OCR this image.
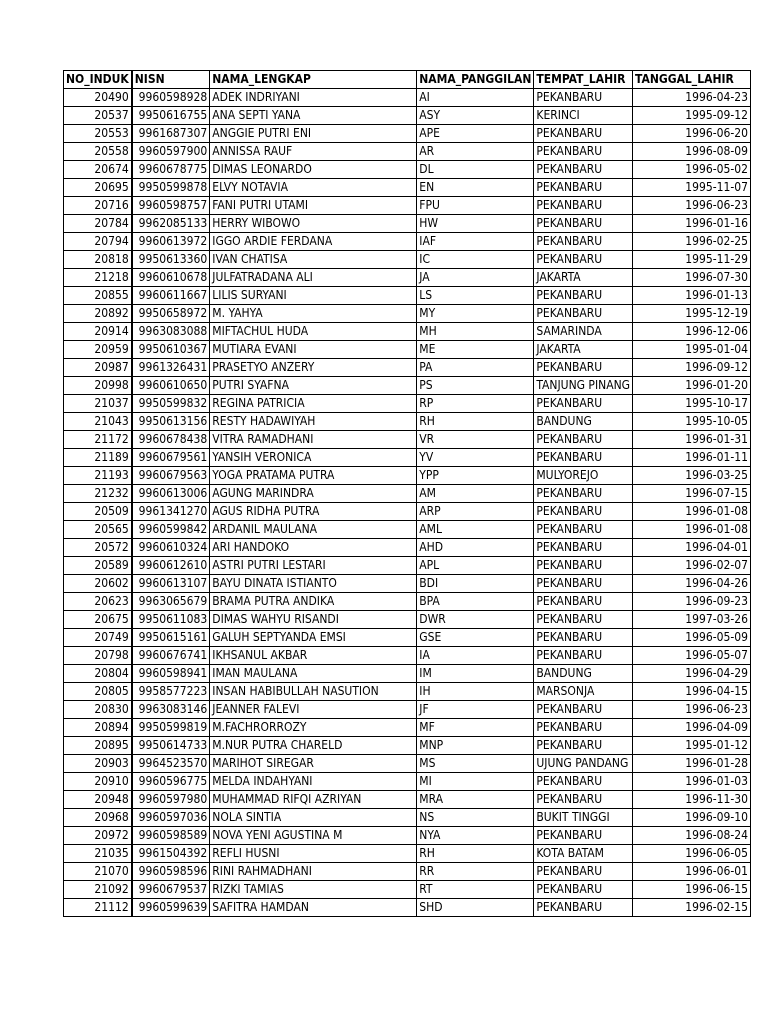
NO_INDUK	NISN	NAMA_LENGKAP	NAMA_PANGGILAN	TEMPAT_LAHIR	TANGGAL_LAHIR
20490	9960598928	ADEK INDRIYANI	AI	PEKANBARU	1996-04-23
20537	9950616755	ANA SEPTI YANA	ASY	KERINCI	1995-09-12
20553	9961687307	ANGGIE PUTRI ENI	APE	PEKANBARU	1996-06-20
20558	9960597900	ANNISSA RAUF	AR	PEKANBARU	1996-08-09
20674	9960678775	DIMAS LEONARDO	DL	PEKANBARU	1996-05-02
20695	9950599878	ELVY NOTAVIA	EN	PEKANBARU	1995-11-07
20716	9960598757	FANI PUTRI UTAMI	FPU	PEKANBARU	1996-06-23
20784	9962085133	HERRY WIBOWO	HW	PEKANBARU	1996-01-16
20794	9960613972	IGGO ARDIE FERDANA	IAF	PEKANBARU	1996-02-25
20818	9950613360	IVAN CHATISA	IC	PEKANBARU	1995-11-29
21218	9960610678	JULFATRADANA ALI	JA	JAKARTA	1996-07-30
20855	9960611667	LILIS SURYANI	LS	PEKANBARU	1996-01-13
20892	9950658972	M. YAHYA	MY	PEKANBARU	1995-12-19
20914	9963083088	MIFTACHUL HUDA	MH	SAMARINDA	1996-12-06
20959	9950610367	MUTIARA EVANI	ME	JAKARTA	1995-01-04
20987	9961326431	PRASETYO ANZERY	PA	PEKANBARU	1996-09-12
20998	9960610650	PUTRI SYAFNA	PS	TANJUNG PINANG	1996-01-20
21037	9950599832	REGINA PATRICIA	RP	PEKANBARU	1995-10-17
21043	9950613156	RESTY HADAWIYAH	RH	BANDUNG	1995-10-05
21172	9960678438	VITRA RAMADHANI	VR	PEKANBARU	1996-01-31
21189	9960679561	YANSIH VERONICA	YV	PEKANBARU	1996-01-11
21193	9960679563	YOGA PRATAMA PUTRA	YPP	MULYOREJO	1996-03-25
21232	9960613006	AGUNG MARINDRA	AM	PEKANBARU	1996-07-15
20509	9961341270	AGUS RIDHA PUTRA	ARP	PEKANBARU	1996-01-08
20565	9960599842	ARDANIL MAULANA	AML	PEKANBARU	1996-01-08
20572	9960610324	ARI HANDOKO	AHD	PEKANBARU	1996-04-01
20589	9960612610	ASTRI PUTRI LESTARI	APL	PEKANBARU	1996-02-07
20602	9960613107	BAYU DINATA ISTIANTO	BDI	PEKANBARU	1996-04-26
20623	9963065679	BRAMA PUTRA ANDIKA	BPA	PEKANBARU	1996-09-23
20675	9950611083	DIMAS WAHYU RISANDI	DWR	PEKANBARU	1997-03-26
20749	9950615161	GALUH SEPTYANDA EMSI	GSE	PEKANBARU	1996-05-09
20798	9960676741	IKHSANUL AKBAR	IA	PEKANBARU	1996-05-07
20804	9960598941	IMAN MAULANA	IM	BANDUNG	1996-04-29
20805	9958577223	INSAN HABIBULLAH NASUTION	IH	MARSONJA	1996-04-15
20830	9963083146	JEANNER FALEVI	JF	PEKANBARU	1996-06-23
20894	9950599819	M.FACHRORROZY	MF	PEKANBARU	1996-04-09
20895	9950614733	M.NUR PUTRA CHARELD	MNP	PEKANBARU	1995-01-12
20903	9964523570	MARIHOT SIREGAR	MS	UJUNG PANDANG	1996-01-28
20910	9960596775	MELDA INDAHYANI	MI	PEKANBARU	1996-01-03
20948	9960597980	MUHAMMAD RIFQI AZRIYAN	MRA	PEKANBARU	1996-11-30
20968	9960597036	NOLA SINTIA	NS	BUKIT TINGGI	1996-09-10
20972	9960598589	NOVA YENI AGUSTINA M	NYA	PEKANBARU	1996-08-24
21035	9961504392	REFLI HUSNI	RH	KOTA BATAM	1996-06-05
21070	9960598596	RINI RAHMADHANI	RR	PEKANBARU	1996-06-01
21092	9960679537	RIZKI TAMIAS	RT	PEKANBARU	1996-06-15
21112	9960599639	SAFITRA HAMDAN	SHD	PEKANBARU	1996-02-15
